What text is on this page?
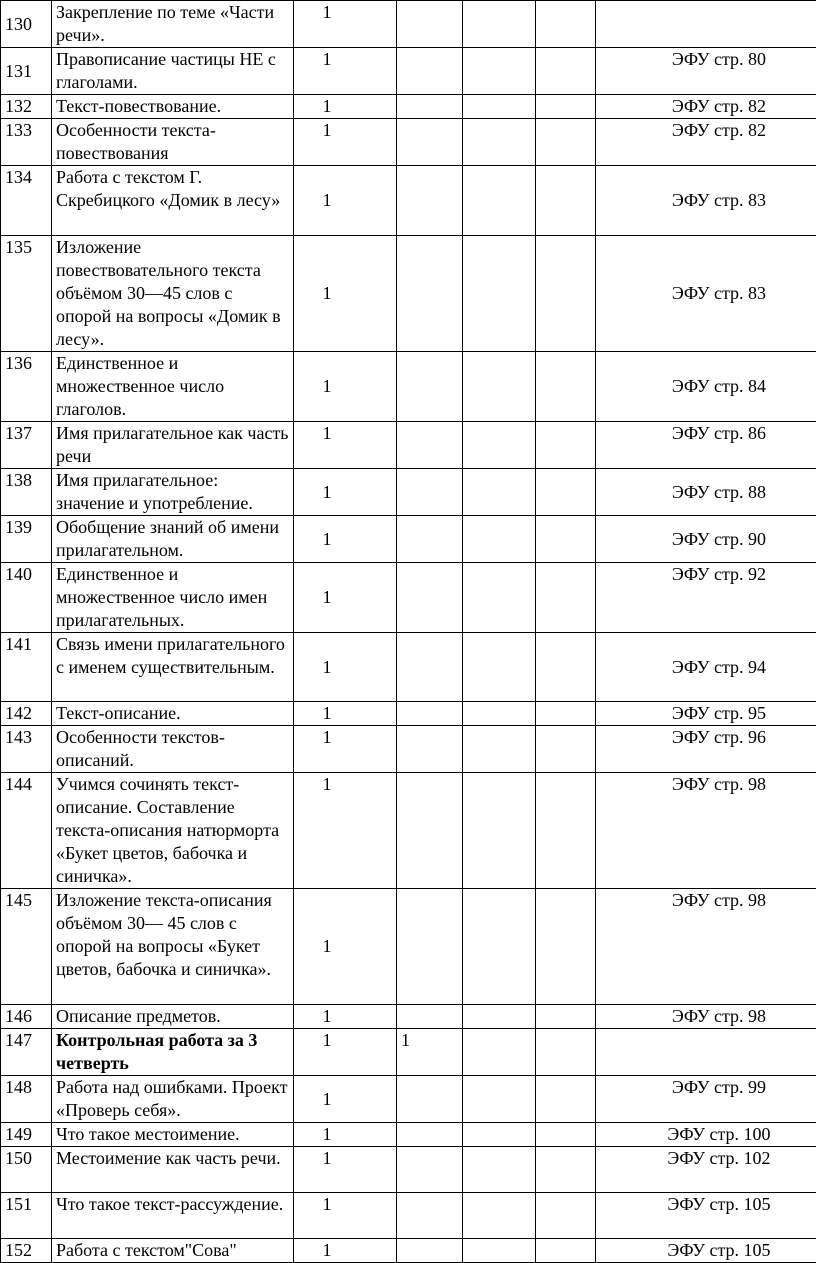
130	Закрепление по теме «Части речи».	1				
131	Правописание частицы НЕ с глаголами.	1				ЭФУ стр. 80
132	Текст-повествование.	1				ЭФУ стр. 82
133	Особенности текста-повествования	1				ЭФУ стр. 82
134	Работа с текстом Г. Скребицкого «Домик в лесу»	1				ЭФУ стр. 83
135	Изложение повествовательного текста объёмом 30—45 слов с опорой на вопросы «Домик в лесу».	1				ЭФУ стр. 83
136	Единственное и множественное число глаголов.	1				ЭФУ стр. 84
137	Имя прилагательное как часть речи	1				ЭФУ стр. 86
138	Имя прилагательное: значение и употребление.	1				ЭФУ стр. 88
139	Обобщение знаний об имени прилагательном.	1				ЭФУ стр. 90
140	Единственное и множественное число имен прилагательных.	1				ЭФУ стр. 92
141	Связь имени прилагательного с именем существительным.	1				ЭФУ стр. 94
142	Текст-описание.	1				ЭФУ стр. 95
143	Особенности текстов-описаний.	1				ЭФУ стр. 96
144	Учимся сочинять текст-описание. Составление текста-описания натюрморта «Букет цветов, бабочка и синичка».	1				ЭФУ стр. 98
145	Изложение текста-описания объёмом 30— 45 слов с опорой на вопросы «Букет цветов, бабочка и синичка».	1				ЭФУ стр. 98
146	Описание предметов.	1				ЭФУ стр. 98
147	Контрольная работа за 3 четверть	1	1			
148	Работа над ошибками. Проект «Проверь себя».	1				ЭФУ стр. 99
149	Что такое местоимение.	1				ЭФУ стр. 100
150	Местоимение как часть речи.	1				ЭФУ стр. 102
151	Что такое текст-рассуждение.	1				ЭФУ стр. 105
152	Работа с текстом"Сова"	1				ЭФУ стр. 105
